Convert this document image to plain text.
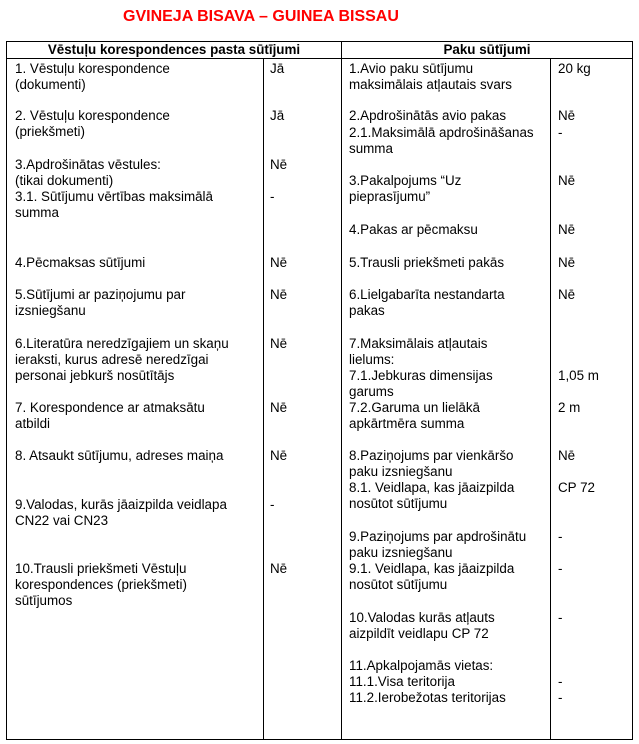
GVINEJA BISAVA – GUINEA BISSAU
Vēstuļu korespondences pasta sūtījumi	Paku sūtījumi
1. Vēstuļu korespondence
(dokumenti)
Jā
2. Vēstuļu korespondence
(priekšmeti)
Jā
3.Apdrošinātas vēstules:
(tikai dokumenti)
Nē
3.1. Sūtījumu vērtības maksimālā
summa
-
4.Pēcmaksas sūtījumi	Nē
5.Sūtījumi ar paziņojumu par
izsniegšanu
Nē
6.Literatūra neredzīgajiem un skaņu
ieraksti, kurus adresē neredzīgai
personai jebkurš nosūtītājs
Nē
7. Korespondence ar atmaksātu
atbildi
Nē
8. Atsaukt sūtījumu, adreses maiņa	Nē
9.Valodas, kurās jāaizpilda veidlapa
CN22 vai CN23
-
10.Trausli priekšmeti Vēstuļu
korespondences (priekšmeti)
sūtījumos
Nē
1.Avio paku sūtījumu
maksimālais atļautais svars
20 kg
2.Apdrošinātās avio pakas	Nē
2.1.Maksimālā apdrošināšanas
summa
-
3.Pakalpojums “Uz
pieprasījumu”
Nē
4.Pakas ar pēcmaksu	Nē
5.Trausli priekšmeti pakās	Nē
6.Lielgabarīta nestandarta
pakas
Nē
7.Maksimālais atļautais
lielums:
7.1.Jebkuras dimensijas
garums
1,05 m
7.2.Garuma un lielākā
apkārtmēra summa
2 m
8.Paziņojums par vienkāršo
paku izsniegšanu
Nē
8.1. Veidlapa, kas jāaizpilda
nosūtot sūtījumu
CP 72
9.Paziņojums par apdrošinātu
paku izsniegšanu
-
9.1. Veidlapa, kas jāaizpilda
nosūtot sūtījumu
-
10.Valodas kurās atļauts
aizpildīt veidlapu CP 72
-
11.Apkalpojamās vietas:
11.1.Visa teritorija	-
11.2.Ierobežotas teritorijas	-
